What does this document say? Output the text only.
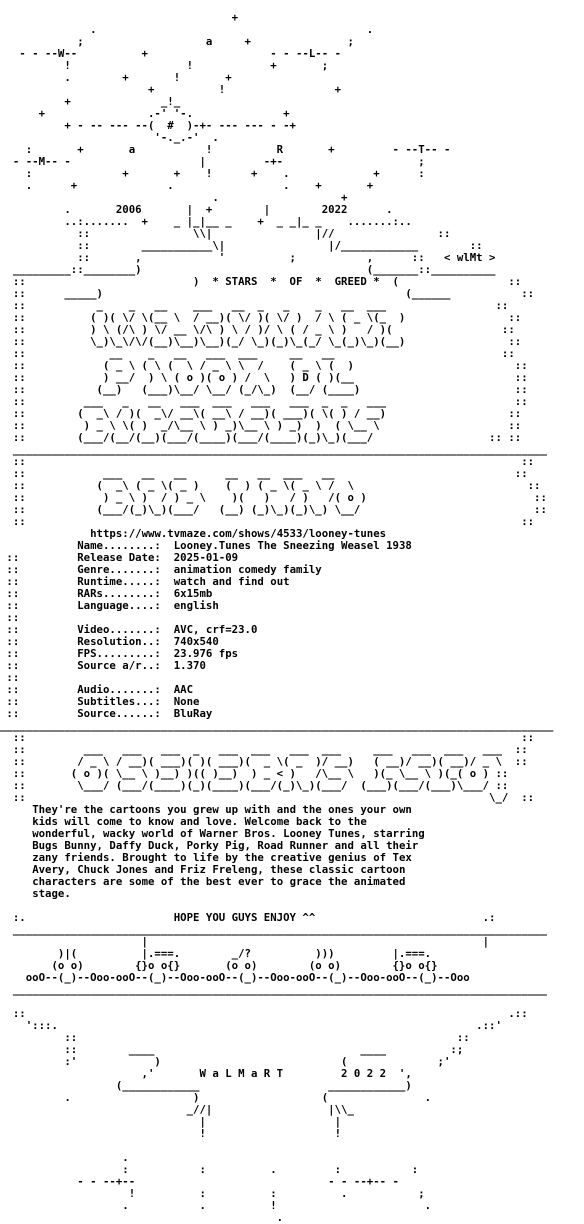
+
.                                          .
;                   a     +               ;
- - --W--          +                   - - --L-- -
!                  !            +       ;
.        +       !       +
+          !                 +
+              _!_
+                .-' '-.              +
+ - -- --- --(  #  )-+- --- --- - -+
'-._.-'  .
:       +       a           !          R       +         - --T-- -
- --M-- -                    |         -+-                     ;
:              +       +    !      +    .             +      :
.      +              .                 .    +       +
.                   +
.       2006       |  +        |        2022      .
..:.......  +    _ |_|__ _    +  _ _|_ _    .......:..
::                \\|                |//                ::
::        ___________\|                |/____________        ::
::       ,            '          ;           ,      ::   < wlMt >
_________::________)                                   (_______::__________
::                          )  * STARS  *  OF  *  GREED *  (                 ::
::      _____)                                               (______           ::
::           _    _   __    ___   __  _   _    _   __  ___                 ::
::          ( )( \/ \(__ \  / __)( \/ )( \/ )  / \ ( _ \(_  )                ::
::          ) \ (/\ ) \/ __ \/\ ) \ / )/ \ ( / _ \ )   / )(                 ::
::          \_)\_\/\/(__)\__)\__)(_/ \_)(_)\_(_/ \_(_)\_)(__)                ::
::             __    _   __   ___  ___     __   __                          ::
::            ( _ \ ( \ (  \ / _ \ \  /    ( _ \ (  )                         ::
::            ) __/  ) \ ( o )( o ) /  \   ) D ( )(__                         ::
::           (__)   (___)\__/ \__/ (_/\_)  (__/ (____)                        ::
::         ___   _   __   ___  ___   ___   ___  _  _   ___                    ::
::        (  _\ / )(  _\/ __\( __\ / __)( ___)( \( ) / __)                   ::
::         ) _ \ \( )  _/\__ \ ) _)\__ \ ) _)  )  ( \__ \                    ::
::        (___/(__/(__)(___/(____)(___/(____)(_)\_)(___/                  :: ::
___________________________________________________________________________________
::                                                                             ::
::            ___   __   __      __   __  ___   __                            ::
::           (  _\ ( _ \( _ )    (  ) ( _ \( _ \ /  \                           ::
::            ) _ \ )  / ) _ \    )(   )   / )   /( o )                          ::
::           (___/(_)\_)(___/   (__) (_)\_)(_)\_) \__/                           ::
::                                                                             ::
https://www.tvmaze.com/shows/4533/looney-tunes
Name........: Looney.Tunes The Sneezing Weasel 1938
::         Release Date: 2025-01-09
::         Genre.......: animation comedy family
::         Runtime.....: watch and find out
::         RARs........: 6x15mb
::         Language....: english
::
::         Video.......: AVC, crf=23.0
::         Resolution..: 740x540
::         FPS.........: 23.976 fps
::         Source a/r..: 1.370
::
::         Audio.......: AAC
::         Subtitles...: None
::         Source......: BluRay
______________________________________________________________________________________
::                                                                             ::
::         ___   ___   ___  _   ___  ___   ___  ___     ___   ___  ___   ___  ::
::        / _ \ / __)( ___)( )( ___)(  _ \( _  )/ __)   ( __)/ __)( __)/ _ \  ::
::       ( o )( \__ \ )__) )(( )__)  ) _ < )   /\__ \   )(_ \__ \ )(_( o ) ::
::        \___/ (___/(____)(_)(____)(___/(_)\_)(___/  (___)(___/(___)\___/ ::
::                                                                        \_/  ::
They're the cartoons you grew up with and the ones your own
kids will come to know and love. Welcome back to the
wonderful, wacky world of Warner Bros. Looney Tunes, starring
Bugs Bunny, Daffy Duck, Porky Pig, Road Runner and all their
zany friends. Brought to life by the creative genius of Tex
Avery, Chuck Jones and Friz Freleng, these classic cartoon
characters are some of the best ever to grace the animated
stage.

:.                       HOPE YOU GUYS ENJOY ^^                          .:
___________________________________________________________________________________
|                                                    |
)|(          |.===.        _/?          )))         |.===.
(o o)        {}o o{}       (o o)        (o o)        {}o o{}
ooO--(_)--Ooo-ooO--(_)--Ooo-ooO--(_)--Ooo-ooO--(_)--Ooo-ooO--(_)--Ooo
___________________________________________________________________________________
::                                                                           .::
':::.                                                                 .::'
::                                                           ::
::        ____                                ____          :;
:'            )                            (              ;'
,'       W a L M a R T         2 0 2 2  ',
(____________                    ____________)
.                   )                   (               .
_//|                  |\\_
|                    |
!                    !
.
:           :          .         :           :
- - --+--                              - - --+-- -
!          :          :          .           ;
.           .          !                       .
.
